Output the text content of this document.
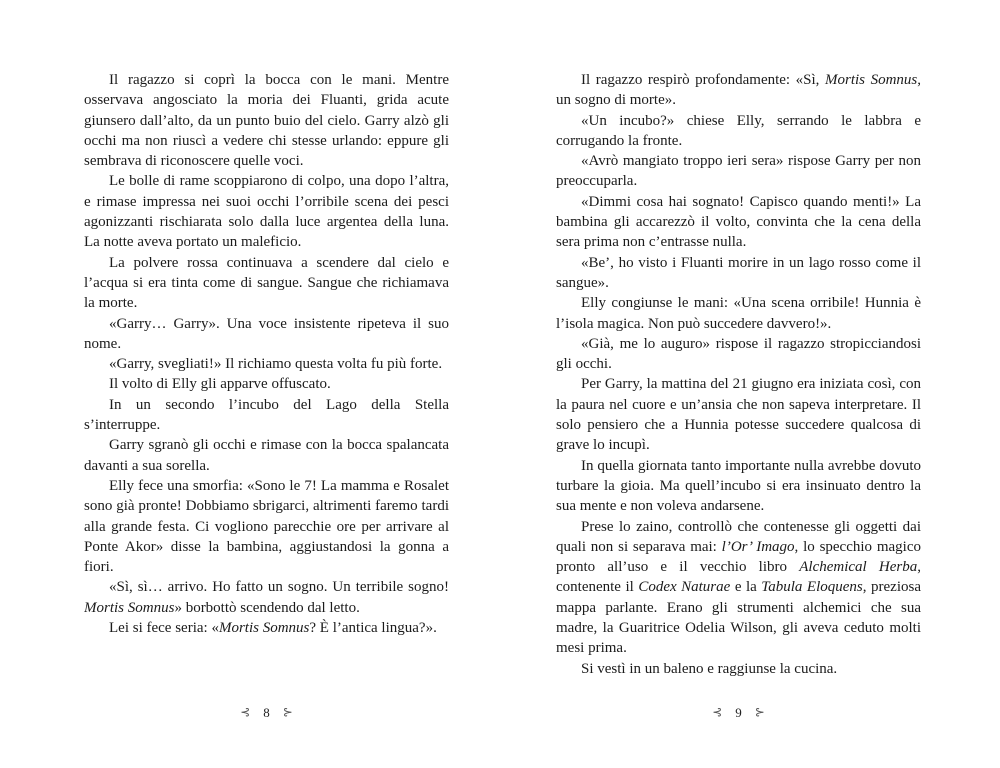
Il ragazzo si coprì la bocca con le mani. Mentre osservava angosciato la moria dei Fluanti, grida acute giunsero dall’alto, da un punto buio del cielo. Garry alzò gli occhi ma non riuscì a vedere chi stesse urlando: eppure gli sembrava di riconoscere quelle voci.

Le bolle di rame scoppiarono di colpo, una dopo l’altra, e rimase impressa nei suoi occhi l’orribile scena dei pesci agonizzanti rischiarata solo dalla luce argentea della luna. La notte aveva portato un maleficio.

La polvere rossa continuava a scendere dal cielo e l’acqua si era tinta come di sangue. Sangue che richiamava la morte.

«Garry… Garry». Una voce insistente ripeteva il suo nome.

«Garry, svegliati!» Il richiamo questa volta fu più forte.

Il volto di Elly gli apparve offuscato.

In un secondo l’incubo del Lago della Stella s’interruppe.

Garry sgranò gli occhi e rimase con la bocca spalancata davanti a sua sorella.

Elly fece una smorfia: «Sono le 7! La mamma e Rosalet sono già pronte! Dobbiamo sbrigarci, altrimenti faremo tardi alla grande festa. Ci vogliono parecchie ore per arrivare al Ponte Akor» disse la bambina, aggiustandosi la gonna a fiori.

«Sì, sì… arrivo. Ho fatto un sogno. Un terribile sogno! Mortis Somnus» borbottò scendendo dal letto.

Lei si fece seria: «Mortis Somnus? È l’antica lingua?».

⊰ 8 ⊱

Il ragazzo respirò profondamente: «Sì, Mortis Somnus, un sogno di morte».

«Un incubo?» chiese Elly, serrando le labbra e corrugando la fronte.

«Avrò mangiato troppo ieri sera» rispose Garry per non preoccuparla.

«Dimmi cosa hai sognato! Capisco quando menti!» La bambina gli accarezzò il volto, convinta che la cena della sera prima non c’entrasse nulla.

«Be’, ho visto i Fluanti morire in un lago rosso come il sangue».

Elly congiunse le mani: «Una scena orribile! Hunnia è l’isola magica. Non può succedere davvero!».

«Già, me lo auguro» rispose il ragazzo stropicciandosi gli occhi.

Per Garry, la mattina del 21 giugno era iniziata così, con la paura nel cuore e un’ansia che non sapeva interpretare. Il solo pensiero che a Hunnia potesse succedere qualcosa di grave lo incupì.

In quella giornata tanto importante nulla avrebbe dovuto turbare la gioia. Ma quell’incubo si era insinuato dentro la sua mente e non voleva andarsene.

Prese lo zaino, controllò che contenesse gli oggetti dai quali non si separava mai: l’Or’ Imago, lo specchio magico pronto all’uso e il vecchio libro Alchemical Herba, contenente il Codex Naturae e la Tabula Eloquens, preziosa mappa parlante. Erano gli strumenti alchemici che sua madre, la Guaritrice Odelia Wilson, gli aveva ceduto molti mesi prima.

Si vestì in un baleno e raggiunse la cucina.

⊰ 9 ⊱
